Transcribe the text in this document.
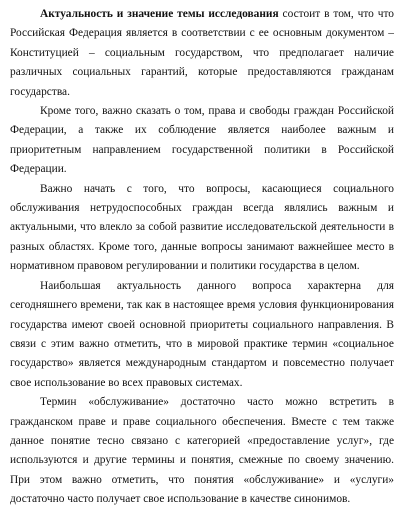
Актуальность и значение темы исследования состоит в том, что что Российская Федерация является в соответствии с ее основным документом – Конституцией – социальным государством, что предполагает наличие различных социальных гарантий, которые предоставляются гражданам государства.

Кроме того, важно сказать о том, права и свободы граждан Российской Федерации, а также их соблюдение является наиболее важным и приоритетным направлением государственной политики в Российской Федерации.

Важно начать с того, что вопросы, касающиеся социального обслуживания нетрудоспособных граждан всегда являлись важным и актуальными, что влекло за собой развитие исследовательской деятельности в разных областях. Кроме того, данные вопросы занимают важнейшее место в нормативном правовом регулировании и политики государства в целом.

Наибольшая актуальность данного вопроса характерна для сегодняшнего времени, так как в настоящее время условия функционирования государства имеют своей основной приоритеты социального направления. В связи с этим важно отметить, что в мировой практике термин «социальное государство» является международным стандартом и повсеместно получает свое использование во всех правовых системах.

Термин «обслуживание» достаточно часто можно встретить в гражданском праве и праве социального обеспечения. Вместе с тем также данное понятие тесно связано с категорией «предоставление услуг», где используются и другие термины и понятия, смежные по своему значению. При этом важно отметить, что понятия «обслуживание» и «услуги» достаточно часто получает свое использование в качестве синонимов.
